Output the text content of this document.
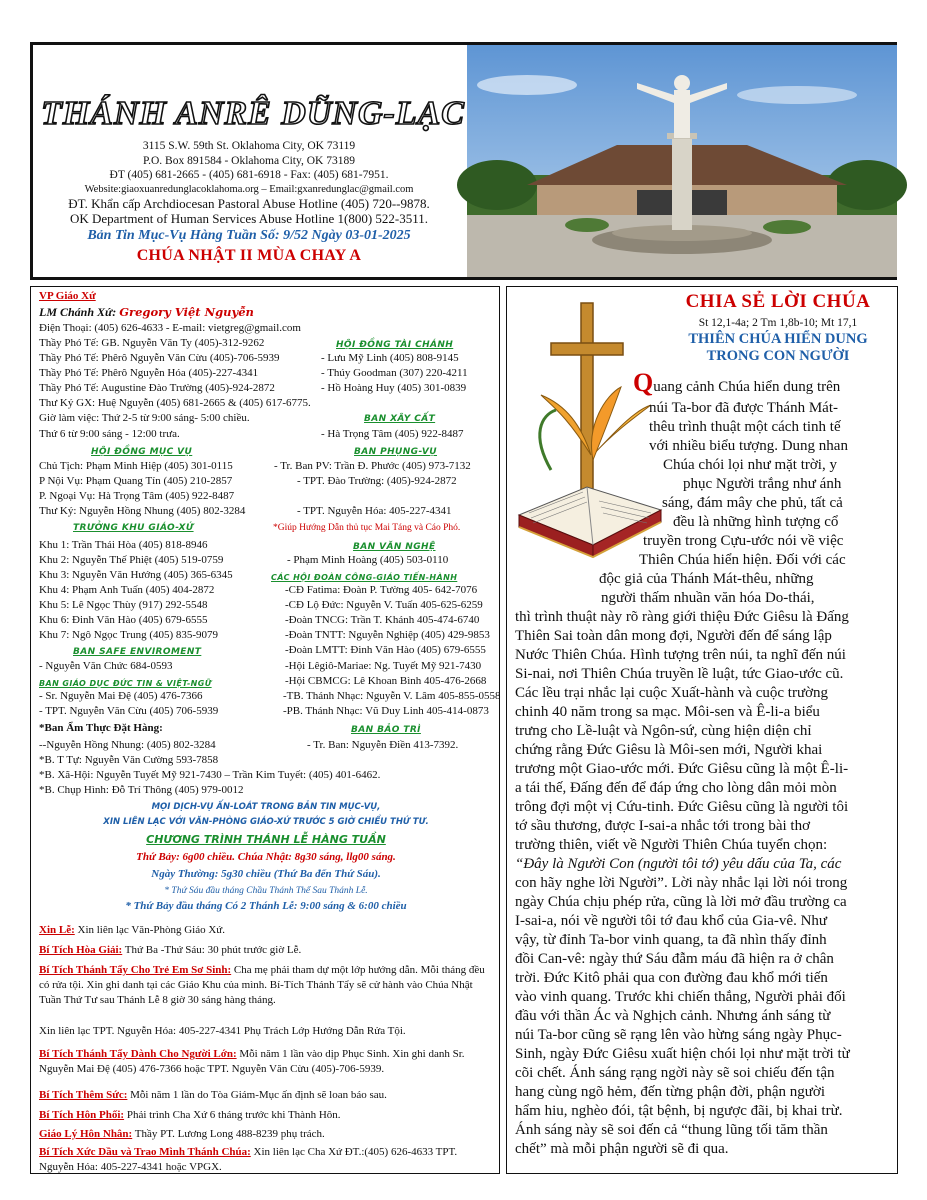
THÁNH ANRÊ DŨNG-LẠC
3115 S.W. 59th St. Oklahoma City, OK 73119
P.O. Box 891584 - Oklahoma City, OK 73189
ĐT (405) 681-2665 - (405) 681-6918 - Fax: (405) 681-7951.
Website:giaoxuanredunglacoklahoma.org – Email:gxanredunglac@gmail.com
ĐT. Khẩn cấp Archdiocesan Pastoral Abuse Hotline (405) 720--9878.
OK Department of Human Services Abuse Hotline 1(800) 522-3511.
Bản Tin Mục-Vụ Hàng Tuần Số: 9/52 Ngày 03-01-2025
CHÚA NHẬT II MÙA CHAY A
VP Giáo Xứ
LM Chánh Xứ: Gregory Việt Nguyễn
Điện Thoại: (405) 626-4633 - E-mail: vietgreg@gmail.com
Thầy Phó Tế: GB. Nguyễn Văn Ty (405)-312-9262	HỘI ĐỒNG TÀI CHÁNH
Thầy Phó Tế: Phêrô Nguyễn Văn Cừu (405)-706-5939	- Lưu Mỹ Linh (405) 808-9145
Thầy Phó Tế: Phêrô Nguyễn Hóa (405)-227-4341	- Thúy Goodman (307) 220-4211
Thầy Phó Tế: Augustine Đào Trường (405)-924-2872	- Hồ Hoàng Huy (405) 301-0839
Thư Ký GX: Huệ Nguyễn (405) 681-2665 & (405) 617-6775.
Giờ làm việc: Thứ 2-5 từ 9:00 sáng- 5:00 chiều.	BAN XÂY CẤT
Thứ 6 từ 9:00 sáng - 12:00 trưa.	- Hà Trọng Tâm (405) 922-8487
HỘI ĐỒNG MỤC VỤ	BAN PHỤNG-VỤ
Chủ Tịch: Phạm Minh Hiệp (405) 301-0115	- Tr. Ban PV: Trần Đ. Phước (405) 973-7132
P Nội Vụ: Phạm Quang Tín (405) 210-2857	- TPT. Đào Trường: (405)-924-2872
P. Ngoại Vụ: Hà Trọng Tâm (405) 922-8487
Thư Ký: Nguyễn Hồng Nhung (405) 802-3284	- TPT. Nguyễn Hóa: 405-227-4341
TRƯỞNG KHU GIÁO-XỨ	*Giúp Hướng Dẫn thủ tục Mai Táng và Cáo Phó.
Khu 1: Trần Thái Hòa (405) 818-8946	BAN VĂN NGHỆ
Khu 2: Nguyễn Thế Phiệt (405) 519-0759	- Phạm Minh Hoàng (405) 503-0110
Khu 3: Nguyễn Văn Hướng (405) 365-6345	CÁC HỘI ĐOÀN CÔNG-GIÁO TIẾN-HÀNH
Khu 4: Phạm Anh Tuấn (405) 404-2872	-CĐ Fatima: Đoàn P. Tường 405- 642-7076
Khu 5: Lê Ngọc Thùy (917) 292-5548	-CĐ Lộ Đức: Nguyễn V. Tuấn 405-625-6259
Khu 6: Đinh Văn Hào (405) 679-6555	-Đoàn TNCG: Trần T. Khánh 405-474-6740
Khu 7: Ngô Ngọc Trung (405) 835-9079	-Đoàn TNTT: Nguyễn Nghiệp (405) 429-9853
BAN SAFE ENVIROMENT	-Đoàn LMTT: Đinh Văn Hào (405) 679-6555
- Nguyễn Văn Chức 684-0593	-Hội Lêgiô-Mariae: Ng. Tuyết Mỹ 921-7430
BAN GIÁO DỤC ĐỨC TIN & VIỆT-NGỮ	-Hội CBMCG: Lê Khoan Bình 405-476-2668
- Sr. Nguyễn Mai Đệ (405) 476-7366	-TB. Thánh Nhạc: Nguyễn V. Lâm 405-855-0558
- TPT. Nguyễn Văn Cừu (405) 706-5939	-PB. Thánh Nhạc: Vũ Duy Linh 405-414-0873
*Ban Ẩm Thực Đặt Hàng:	BAN BẢO TRÌ
--Nguyễn Hồng Nhung: (405) 802-3284	- Tr. Ban: Nguyễn Điền 413-7392.
*B. T Tự: Nguyễn Văn Cường 593-7858
*B. Xã-Hội: Nguyễn Tuyết Mỹ 921-7430 – Trần Kim Tuyết: (405) 401-6462.
*B. Chụp Hình: Đỗ Trí Thông (405) 979-0012
MỌI DỊCH-VỤ ẤN-LOÁT TRONG BẢN TIN MỤC-VỤ,
XIN LIÊN LẠC VỚI VĂN-PHÒNG GIÁO-XỨ TRƯỚC 5 GIỜ CHIỀU THỨ TƯ.
CHƯƠNG TRÌNH THÁNH LỄ HÀNG TUẦN
Thứ Bảy: 6g00 chiều. Chúa Nhật: 8g30 sáng, llg00 sáng.
Ngày Thường: 5g30 chiều (Thứ Ba đến Thứ Sáu).
* Thứ Sáu đầu tháng Chầu Thánh Thể Sau Thánh Lễ.
* Thứ Bảy đầu tháng Có 2 Thánh Lễ: 9:00 sáng & 6:00 chiều
Xin Lễ: Xin liên lạc Văn-Phòng Giáo Xứ.
Bí Tích Hòa Giải: Thứ Ba -Thứ Sáu: 30 phút trước giờ Lễ.
Bí Tích Thánh Tẩy Cho Trẻ Em Sơ Sinh: Cha mẹ phải tham dự một lớp hướng dẫn. Mỗi tháng đều có rửa tội. Xin ghi danh tại các Giáo Khu của mình. Bí-Tích Thánh Tẩy sẽ cử hành vào Chúa Nhật Tuần Thứ Tư sau Thánh Lễ 8 giờ 30 sáng hàng tháng.
Xin liên lạc TPT. Nguyễn Hóa: 405-227-4341 Phụ Trách Lớp Hướng Dẫn Rửa Tội.
Bí Tích Thánh Tẩy Dành Cho Người Lớn: Mỗi năm 1 lần vào dịp Phục Sinh. Xin ghi danh Sr. Nguyễn Mai Đệ (405) 476-7366 hoặc TPT. Nguyễn Văn Cừu (405)-706-5939.
Bí Tích Thêm Sức: Mỗi năm 1 lần do Tòa Giám-Mục ấn định sẽ loan báo sau.
Bí Tích Hôn Phối: Phải trình Cha Xứ 6 tháng trước khi Thành Hôn.
Giáo Lý Hôn Nhân: Thầy PT. Lương Long 488-8239 phụ trách.
Bí Tích Xức Dầu và Trao Mình Thánh Chúa: Xin liên lạc Cha Xứ ĐT.:(405) 626-4633 TPT. Nguyễn Hóa: 405-227-4341 hoặc VPGX.
CHIA SẺ LỜI CHÚA
St 12,1-4a; 2 Tm 1,8b-10; Mt 17,1
THIÊN CHÚA HIỂN DUNG
TRONG CON NGƯỜI
Quang cảnh Chúa hiển dung trên
núi Ta-bor đã được Thánh Mát-
thêu trình thuật một cách tinh tế
với nhiều biểu tượng. Dung nhan
Chúa chói lọi như mặt trời, y
phục Người trắng như ánh
sáng, đám mây che phủ, tất cả
đều là những hình tượng cổ
truyền trong Cựu-ước nói về việc
Thiên Chúa hiển hiện. Đối với các
độc giả của Thánh Mát-thêu, những
người thấm nhuần văn hóa Do-thái,
thì trình thuật này rõ ràng giới thiệu Đức Giêsu là Đấng
Thiên Sai toàn dân mong đợi, Người đến để sáng lập
Nước Thiên Chúa. Hình tượng trên núi, ta nghĩ đến núi
Si-nai, nơi Thiên Chúa truyền lề luật, tức Giao-ước cũ.
Các lều trại nhắc lại cuộc Xuất-hành và cuộc trường
chinh 40 năm trong sa mạc. Môi-sen và Ê-li-a biểu
trưng cho Lề-luật và Ngôn-sứ, cùng hiện diện chỉ
chứng rằng Đức Giêsu là Môi-sen mới, Người khai
trương một Giao-ước mới. Đức Giêsu cũng là một Ê-li-
a tái thế, Đấng đến để đáp ứng cho lòng dân mỏi mòn
trông đợi một vị Cứu-tinh. Đức Giêsu cũng là người tôi
tớ sầu thương, được I-sai-a nhắc tới trong bài thơ
trường thiên, viết về Người Thiên Chúa tuyển chọn:
“Đây là Người Con (người tôi tớ) yêu dấu của Ta, các
con hãy nghe lời Người”. Lời này nhắc lại lời nói trong
ngày Chúa chịu phép rửa, cũng là lời mở đầu trường ca
I-sai-a, nói về người tôi tớ đau khổ của Gia-vê. Như
vậy, từ đỉnh Ta-bor vinh quang, ta đã nhìn thấy đỉnh
đồi Can-vê: ngày thứ Sáu đẫm máu đã hiện ra ở chân
trời. Đức Kitô phải qua con đường đau khổ mới tiến
vào vinh quang. Trước khi chiến thắng, Người phải đối
đầu với thần Ác và Nghịch cảnh. Nhưng ánh sáng từ
núi Ta-bor cũng sẽ rạng lên vào hừng sáng ngày Phục-
Sinh, ngày Đức Giêsu xuất hiện chói lọi như mặt trời từ
cõi chết. Ánh sáng rạng ngời này sẽ soi chiếu đến tận
hang cùng ngõ hẻm, đến từng phận đời, phận người
hẩm hiu, nghèo đói, tật bệnh, bị ngược đãi, bị khai trừ.
Ánh sáng này sẽ soi đến cả “thung lũng tối tăm thần
chết” mà mỗi phận người sẽ đi qua.
